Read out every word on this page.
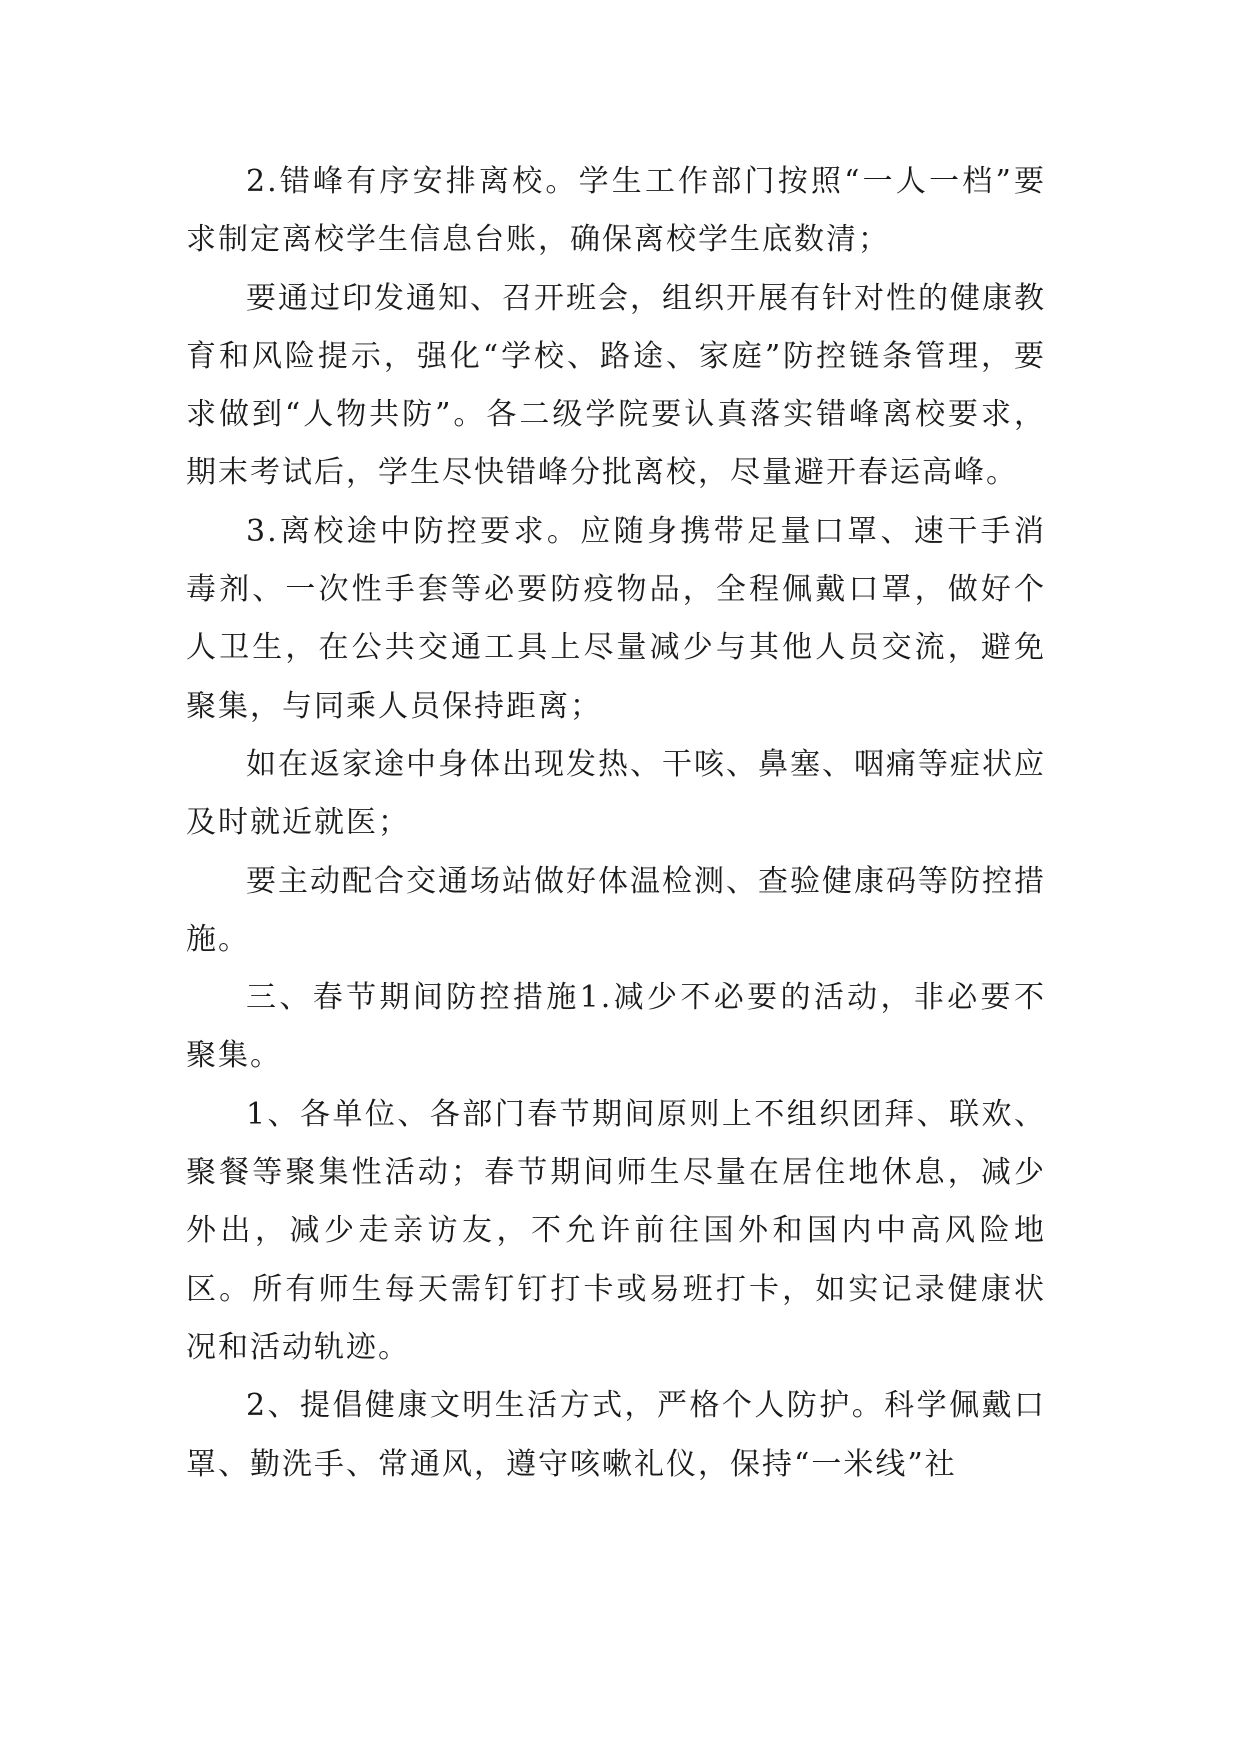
2.错峰有序安排离校。学生工作部门按照“一人一档”要求制定离校学生信息台账，确保离校学生底数清；

要通过印发通知、召开班会，组织开展有针对性的健康教育和风险提示，强化“学校、路途、家庭”防控链条管理，要求做到“人物共防”。各二级学院要认真落实错峰离校要求，期末考试后，学生尽快错峰分批离校，尽量避开春运高峰。

3.离校途中防控要求。应随身携带足量口罩、速干手消毒剂、一次性手套等必要防疫物品，全程佩戴口罩，做好个人卫生，在公共交通工具上尽量减少与其他人员交流，避免聚集，与同乘人员保持距离；

如在返家途中身体出现发热、干咳、鼻塞、咽痛等症状应及时就近就医；

要主动配合交通场站做好体温检测、查验健康码等防控措施。

三、春节期间防控措施1.减少不必要的活动，非必要不聚集。

1、各单位、各部门春节期间原则上不组织团拜、联欢、聚餐等聚集性活动；春节期间师生尽量在居住地休息，减少外出，减少走亲访友，不允许前往国外和国内中高风险地区。所有师生每天需钉钉打卡或易班打卡，如实记录健康状况和活动轨迹。

2、提倡健康文明生活方式，严格个人防护。科学佩戴口罩、勤洗手、常通风，遵守咳嗽礼仪，保持“一米线”社
